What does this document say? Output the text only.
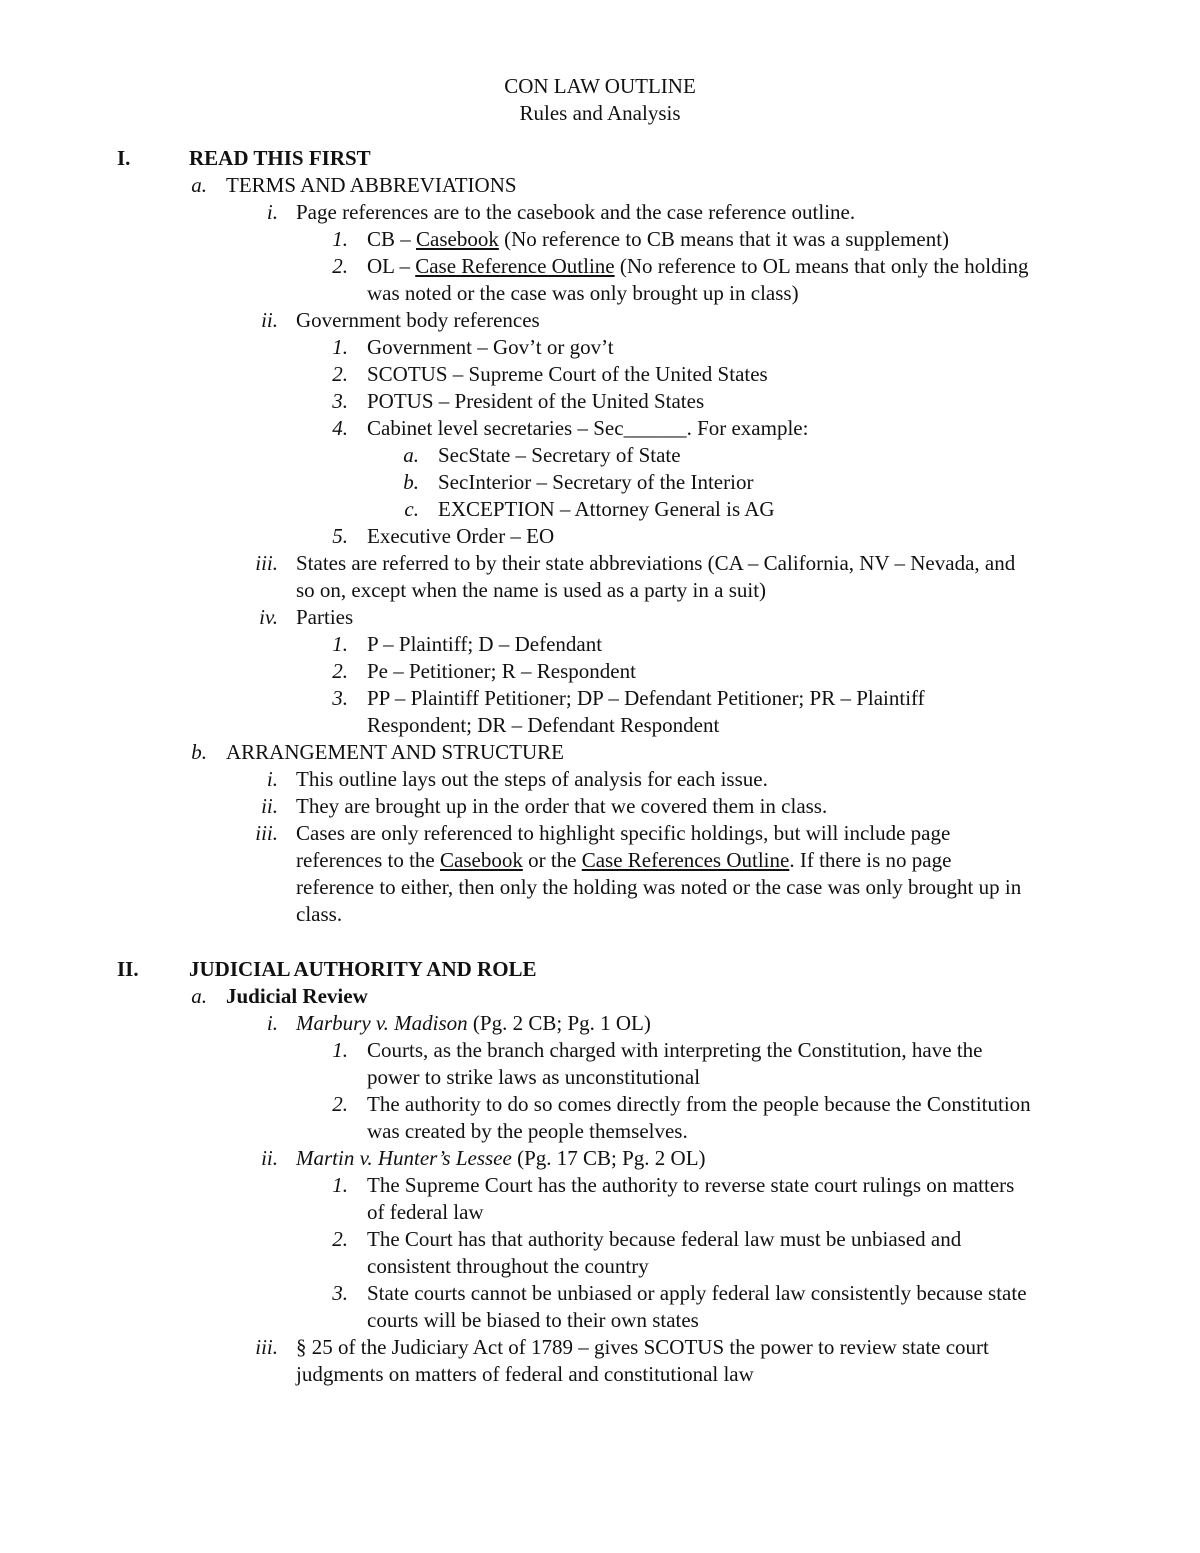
CON LAW OUTLINE
Rules and Analysis
I.	READ THIS FIRST
a. TERMS AND ABBREVIATIONS
i. Page references are to the casebook and the case reference outline.
1. CB – Casebook (No reference to CB means that it was a supplement)
2. OL – Case Reference Outline (No reference to OL means that only the holding
was noted or the case was only brought up in class)
ii. Government body references
1. Government – Gov’t or gov’t
2. SCOTUS – Supreme Court of the United States
3. POTUS – President of the United States
4. Cabinet level secretaries – Sec______. For example:
a. SecState – Secretary of State
b. SecInterior – Secretary of the Interior
c. EXCEPTION – Attorney General is AG
5. Executive Order – EO
iii. States are referred to by their state abbreviations (CA – California, NV – Nevada, and
so on, except when the name is used as a party in a suit)
iv. Parties
1. P – Plaintiff; D – Defendant
2. Pe – Petitioner; R – Respondent
3. PP – Plaintiff Petitioner; DP – Defendant Petitioner; PR – Plaintiff
Respondent; DR – Defendant Respondent
b. ARRANGEMENT AND STRUCTURE
i. This outline lays out the steps of analysis for each issue.
ii. They are brought up in the order that we covered them in class.
iii. Cases are only referenced to highlight specific holdings, but will include page
references to the Casebook or the Case References Outline. If there is no page
reference to either, then only the holding was noted or the case was only brought up in
class.
II. JUDICIAL AUTHORITY AND ROLE
a. Judicial Review
i. Marbury v. Madison (Pg. 2 CB; Pg. 1 OL)
1. Courts, as the branch charged with interpreting the Constitution, have the
power to strike laws as unconstitutional
2. The authority to do so comes directly from the people because the Constitution
was created by the people themselves.
ii. Martin v. Hunter’s Lessee (Pg. 17 CB; Pg. 2 OL)
1. The Supreme Court has the authority to reverse state court rulings on matters
of federal law
2. The Court has that authority because federal law must be unbiased and
consistent throughout the country
3. State courts cannot be unbiased or apply federal law consistently because state
courts will be biased to their own states
iii. § 25 of the Judiciary Act of 1789 – gives SCOTUS the power to review state court
judgments on matters of federal and constitutional law
